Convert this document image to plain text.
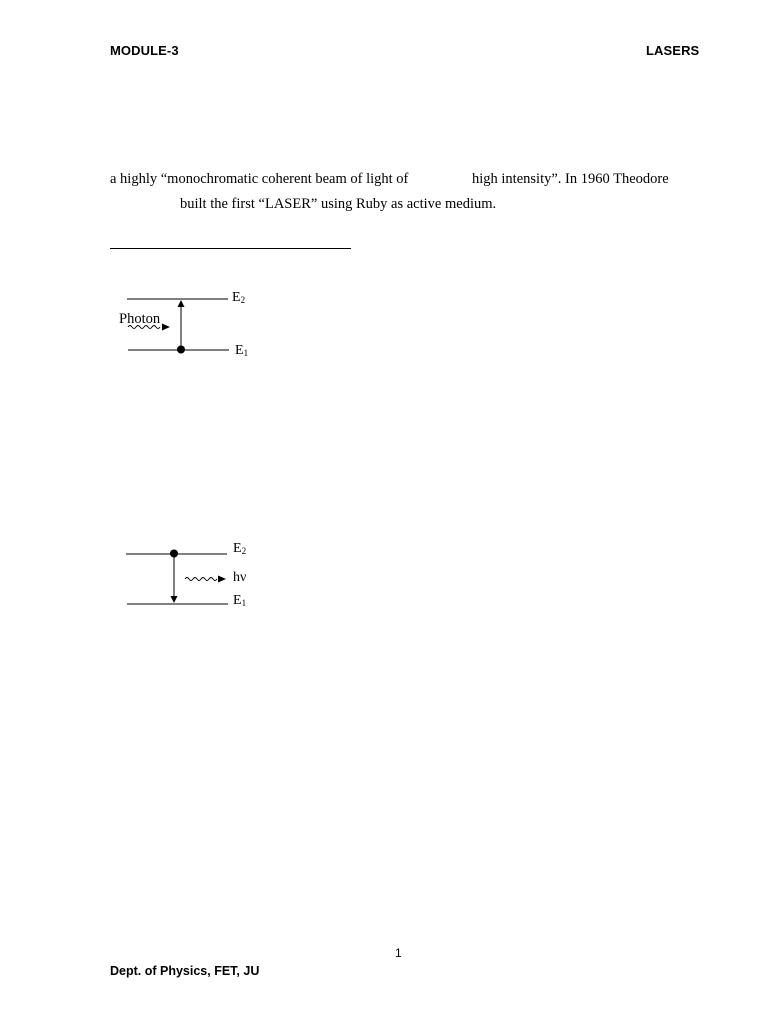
MODULE-3	LASERS
a highly “monochromatic coherent beam of light of	high intensity”. In 1960 Theodore
built the first “LASER” using Ruby as active medium.
$E_2$
$E_1$
Photon
$E_2$
hν
$E_1$
1
Dept. of Physics, FET, JU
